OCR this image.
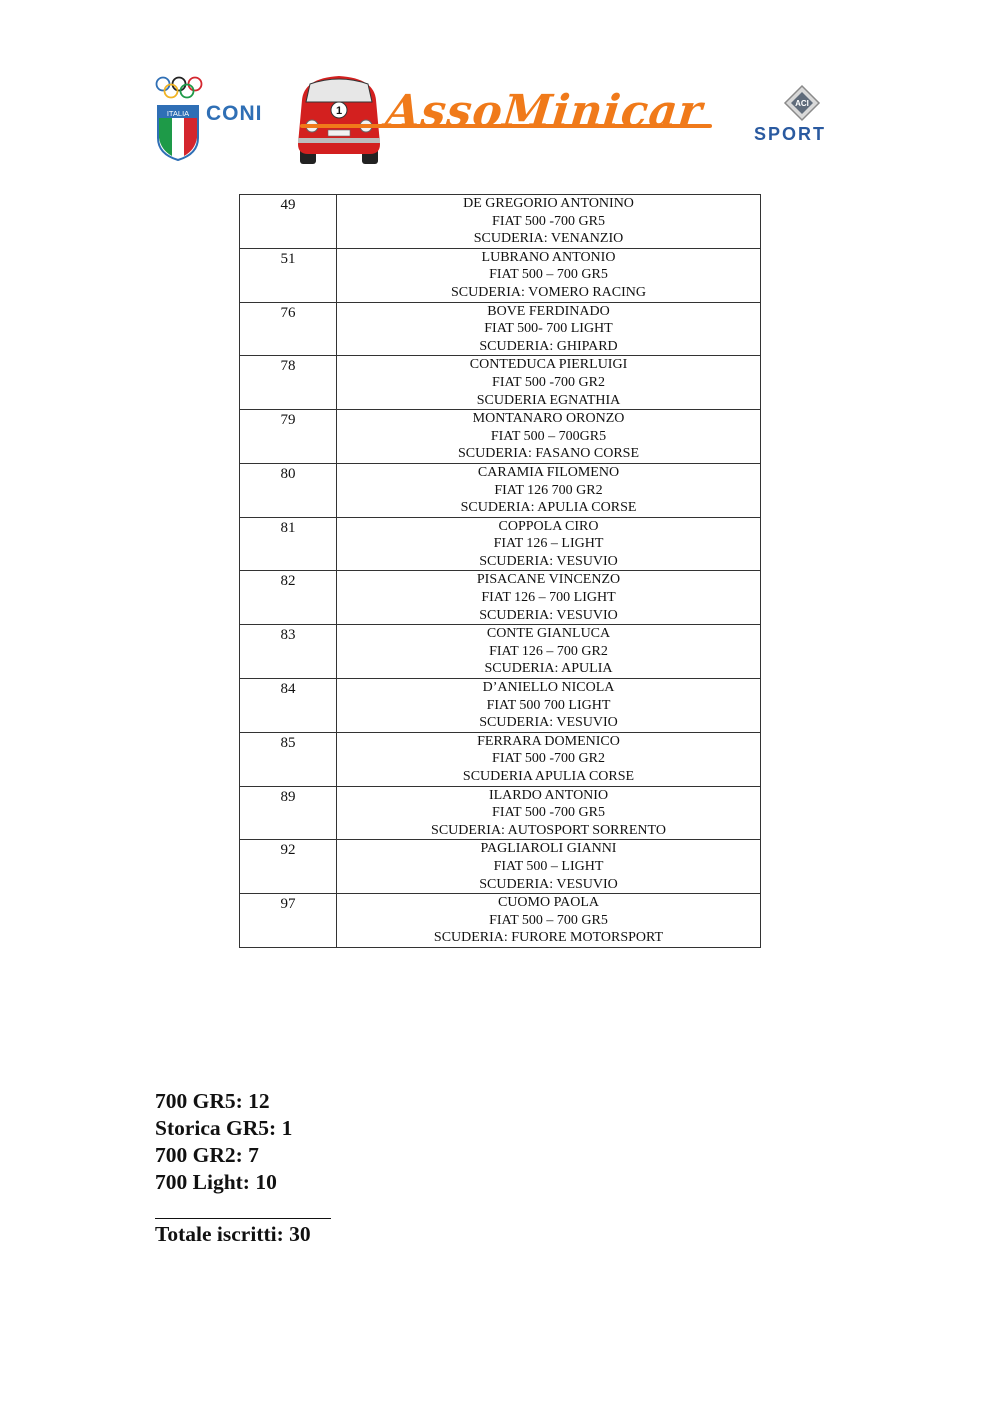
ITALIA CONI	1 AssoMinicar	ACI
SPORT
49	DE GREGORIO ANTONINO
FIAT 500 -700 GR5
SCUDERIA: VENANZIO

51	LUBRANO ANTONIO
FIAT 500 – 700 GR5
SCUDERIA: VOMERO RACING

76	BOVE FERDINADO
FIAT 500- 700 LIGHT
SCUDERIA: GHIPARD

78	CONTEDUCA PIERLUIGI
FIAT 500 -700 GR2
SCUDERIA EGNATHIA

79	MONTANARO ORONZO
FIAT 500 – 700GR5
SCUDERIA: FASANO CORSE

80	CARAMIA FILOMENO
FIAT 126 700 GR2
SCUDERIA: APULIA CORSE

81	COPPOLA CIRO
FIAT 126 – LIGHT
SCUDERIA: VESUVIO

82	PISACANE VINCENZO
FIAT 126 – 700 LIGHT
SCUDERIA: VESUVIO

83	CONTE GIANLUCA
FIAT 126 – 700 GR2
SCUDERIA: APULIA

84	D’ANIELLO NICOLA
FIAT 500 700 LIGHT
SCUDERIA: VESUVIO

85	FERRARA DOMENICO
FIAT 500 -700 GR2
SCUDERIA APULIA CORSE

89	ILARDO ANTONIO
FIAT 500 -700 GR5
SCUDERIA: AUTOSPORT SORRENTO

92	PAGLIAROLI GIANNI
FIAT 500 – LIGHT
SCUDERIA: VESUVIO

97	CUOMO PAOLA
FIAT 500 – 700 GR5
SCUDERIA: FURORE MOTORSPORT
700 GR5: 12
Storica GR5: 1
700 GR2: 7
700 Light: 10
Totale iscritti: 30
